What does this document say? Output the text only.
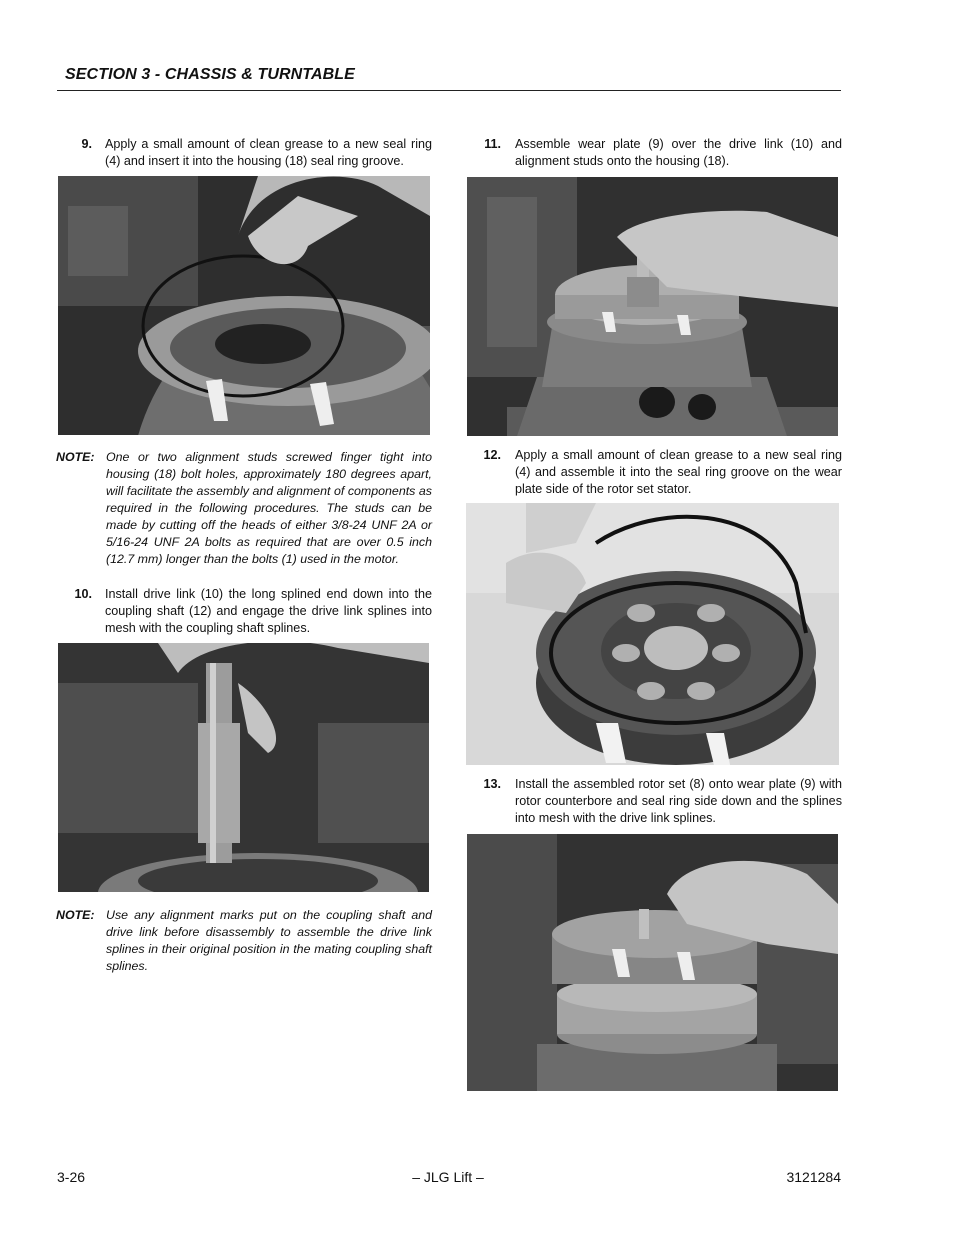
SECTION 3 - CHASSIS & TURNTABLE
9. Apply a small amount of clean grease to a new seal ring (4) and insert it into the housing (18) seal ring groove.
NOTE: One or two alignment studs screwed finger tight into housing (18) bolt holes, approximately 180 degrees apart, will facilitate the assembly and alignment of components as required in the following procedures. The studs can be made by cutting off the heads of either 3/8-24 UNF 2A or 5/16-24 UNF 2A bolts as required that are over 0.5 inch (12.7 mm) longer than the bolts (1) used in the motor.
10. Install drive link (10) the long splined end down into the coupling shaft (12) and engage the drive link splines into mesh with the coupling shaft splines.
NOTE: Use any alignment marks put on the coupling shaft and drive link before disassembly to assemble the drive link splines in their original position in the mating coupling shaft splines.
11. Assemble wear plate (9) over the drive link (10) and alignment studs onto the housing (18).
12. Apply a small amount of clean grease to a new seal ring (4) and assemble it into the seal ring groove on the wear plate side of the rotor set stator.
13. Install the assembled rotor set (8) onto wear plate (9) with rotor counterbore and seal ring side down and the splines into mesh with the drive link splines.
3-26	– JLG Lift –	3121284
